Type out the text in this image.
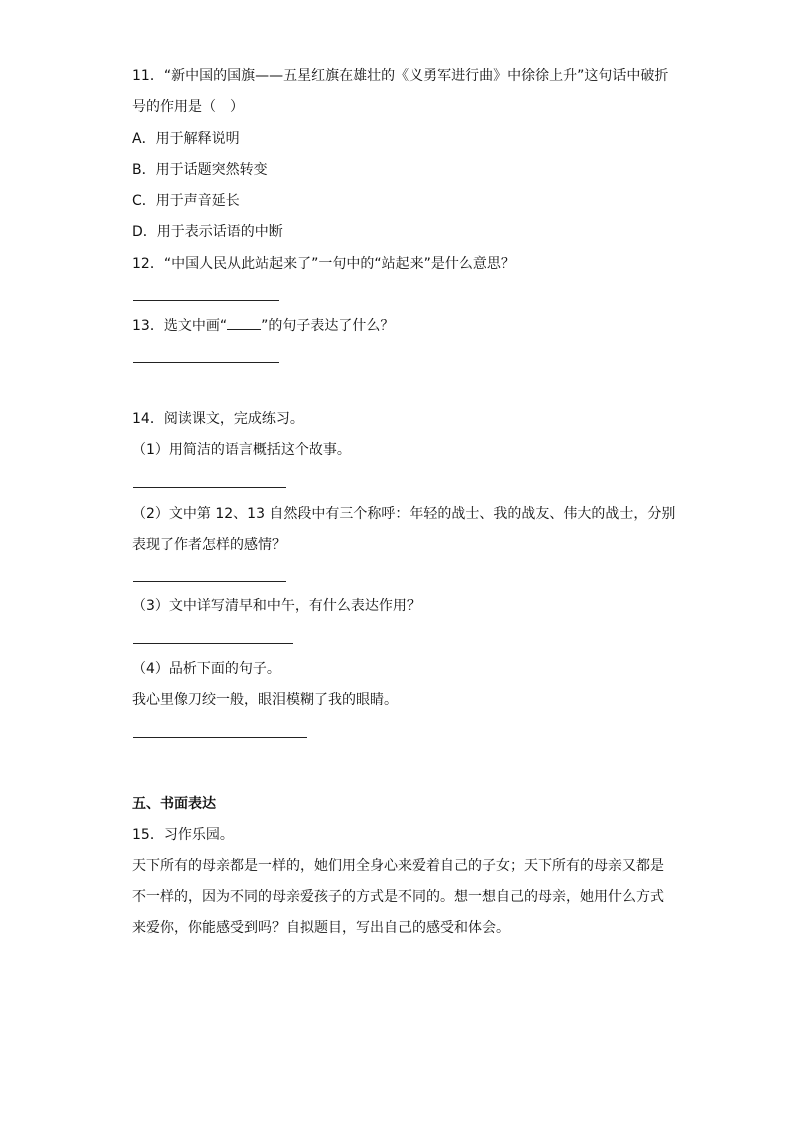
11．“新中国的国旗——五星红旗在雄壮的《义勇军进行曲》中徐徐上升”这句话中破折
号的作用是（　）
A．用于解释说明
B．用于话题突然转变
C．用于声音延长
D．用于表示话语的中断
12．“中国人民从此站起来了”一句中的“站起来”是什么意思？
13．选文中画“ ”的句子表达了什么？
14．阅读课文，完成练习。
（1）用简洁的语言概括这个故事。
（2）文中第 12、13 自然段中有三个称呼：年轻的战士、我的战友、伟大的战士，分别
表现了作者怎样的感情？
（3）文中详写清早和中午，有什么表达作用？
（4）品析下面的句子。
我心里像刀绞一般，眼泪模糊了我的眼睛。
五、书面表达
15．习作乐园。
天下所有的母亲都是一样的，她们用全身心来爱着自己的子女；天下所有的母亲又都是
不一样的，因为不同的母亲爱孩子的方式是不同的。想一想自己的母亲，她用什么方式
来爱你，你能感受到吗？自拟题目，写出自己的感受和体会。
